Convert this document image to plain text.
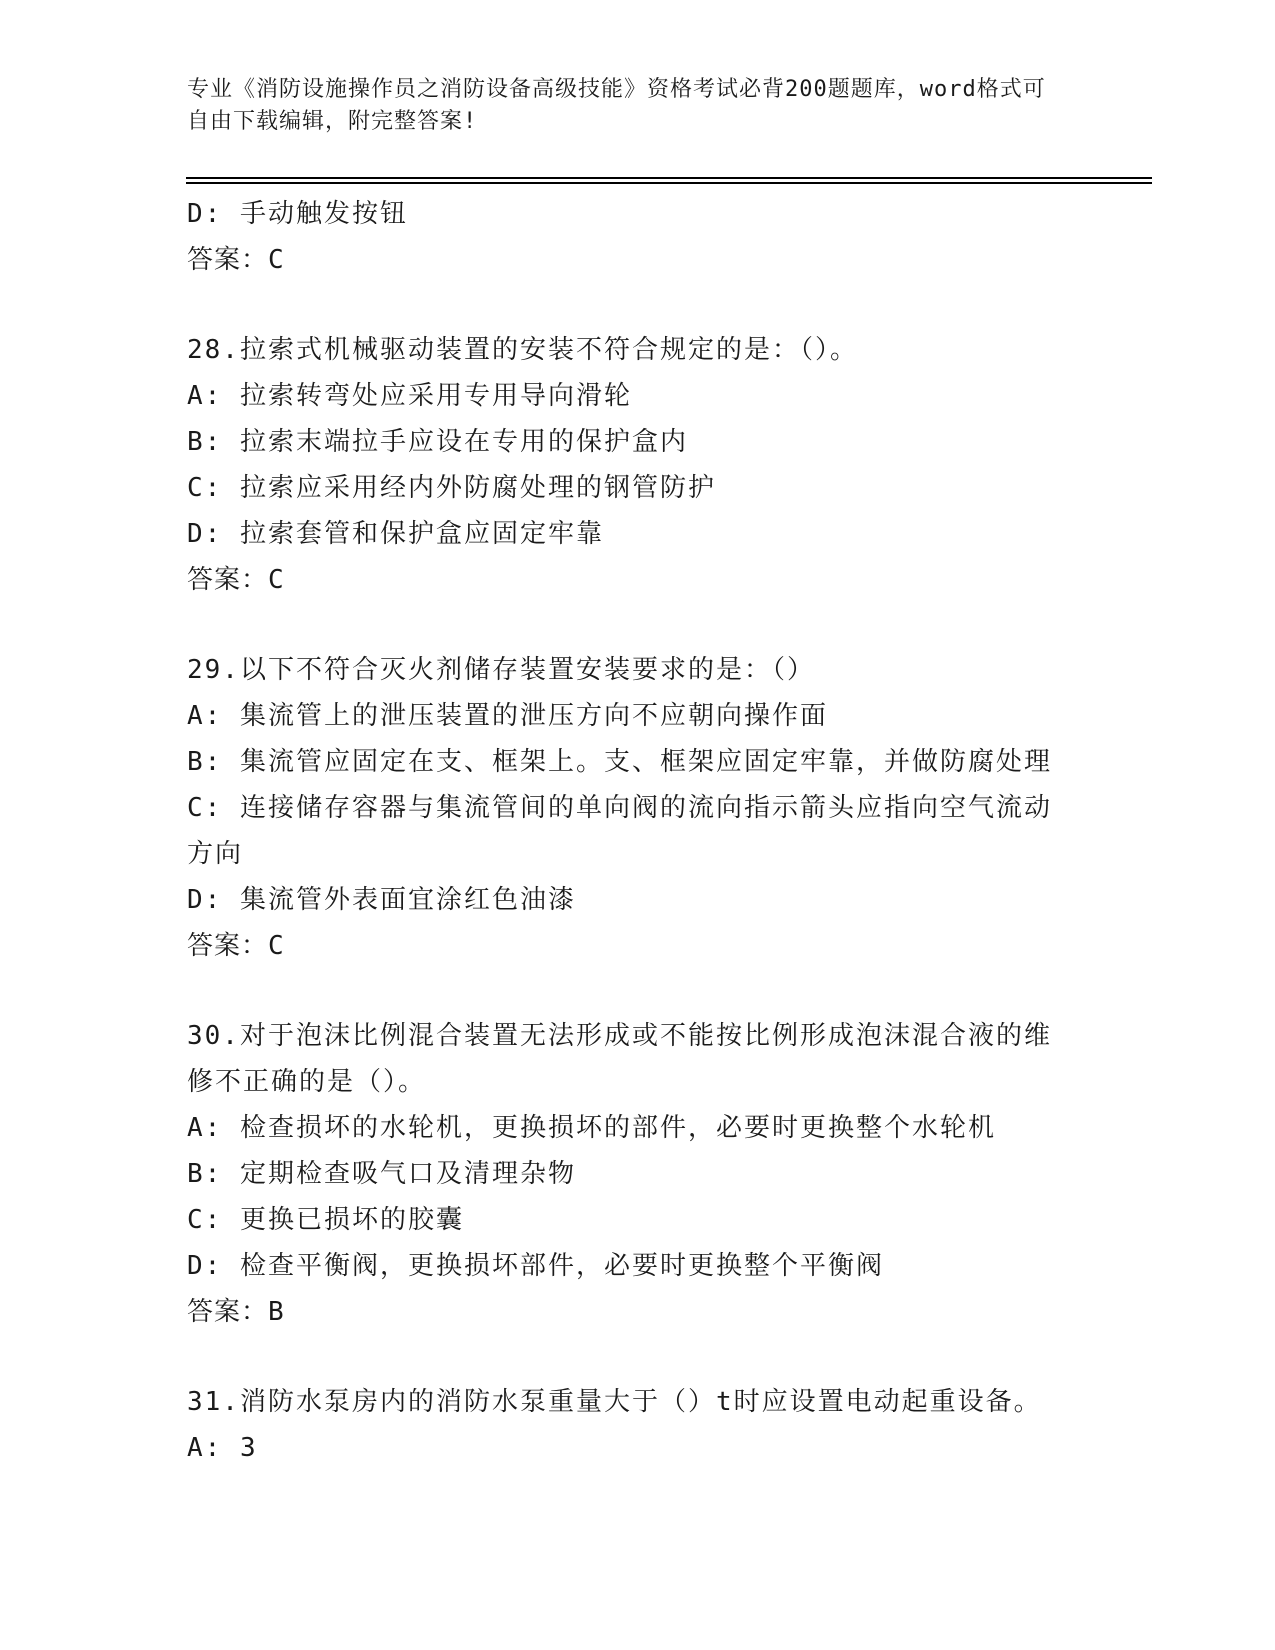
专业《消防设施操作员之消防设备高级技能》资格考试必背200题题库，word格式可自由下载编辑，附完整答案!

D: 手动触发按钮

答案：C

28.拉索式机械驱动装置的安装不符合规定的是：（）。

A: 拉索转弯处应采用专用导向滑轮

B: 拉索末端拉手应设在专用的保护盒内

C: 拉索应采用经内外防腐处理的钢管防护

D: 拉索套管和保护盒应固定牢靠

答案：C

29.以下不符合灭火剂储存装置安装要求的是：（）

A: 集流管上的泄压装置的泄压方向不应朝向操作面

B: 集流管应固定在支、框架上。支、框架应固定牢靠，并做防腐处理

C: 连接储存容器与集流管间的单向阀的流向指示箭头应指向空气流动方向

D: 集流管外表面宜涂红色油漆

答案：C

30.对于泡沫比例混合装置无法形成或不能按比例形成泡沫混合液的维修不正确的是（）。

A: 检查损坏的水轮机，更换损坏的部件，必要时更换整个水轮机

B: 定期检查吸气口及清理杂物

C: 更换已损坏的胶囊

D: 检查平衡阀，更换损坏部件，必要时更换整个平衡阀

答案：B

31.消防水泵房内的消防水泵重量大于（）t时应设置电动起重设备。

A: 3
